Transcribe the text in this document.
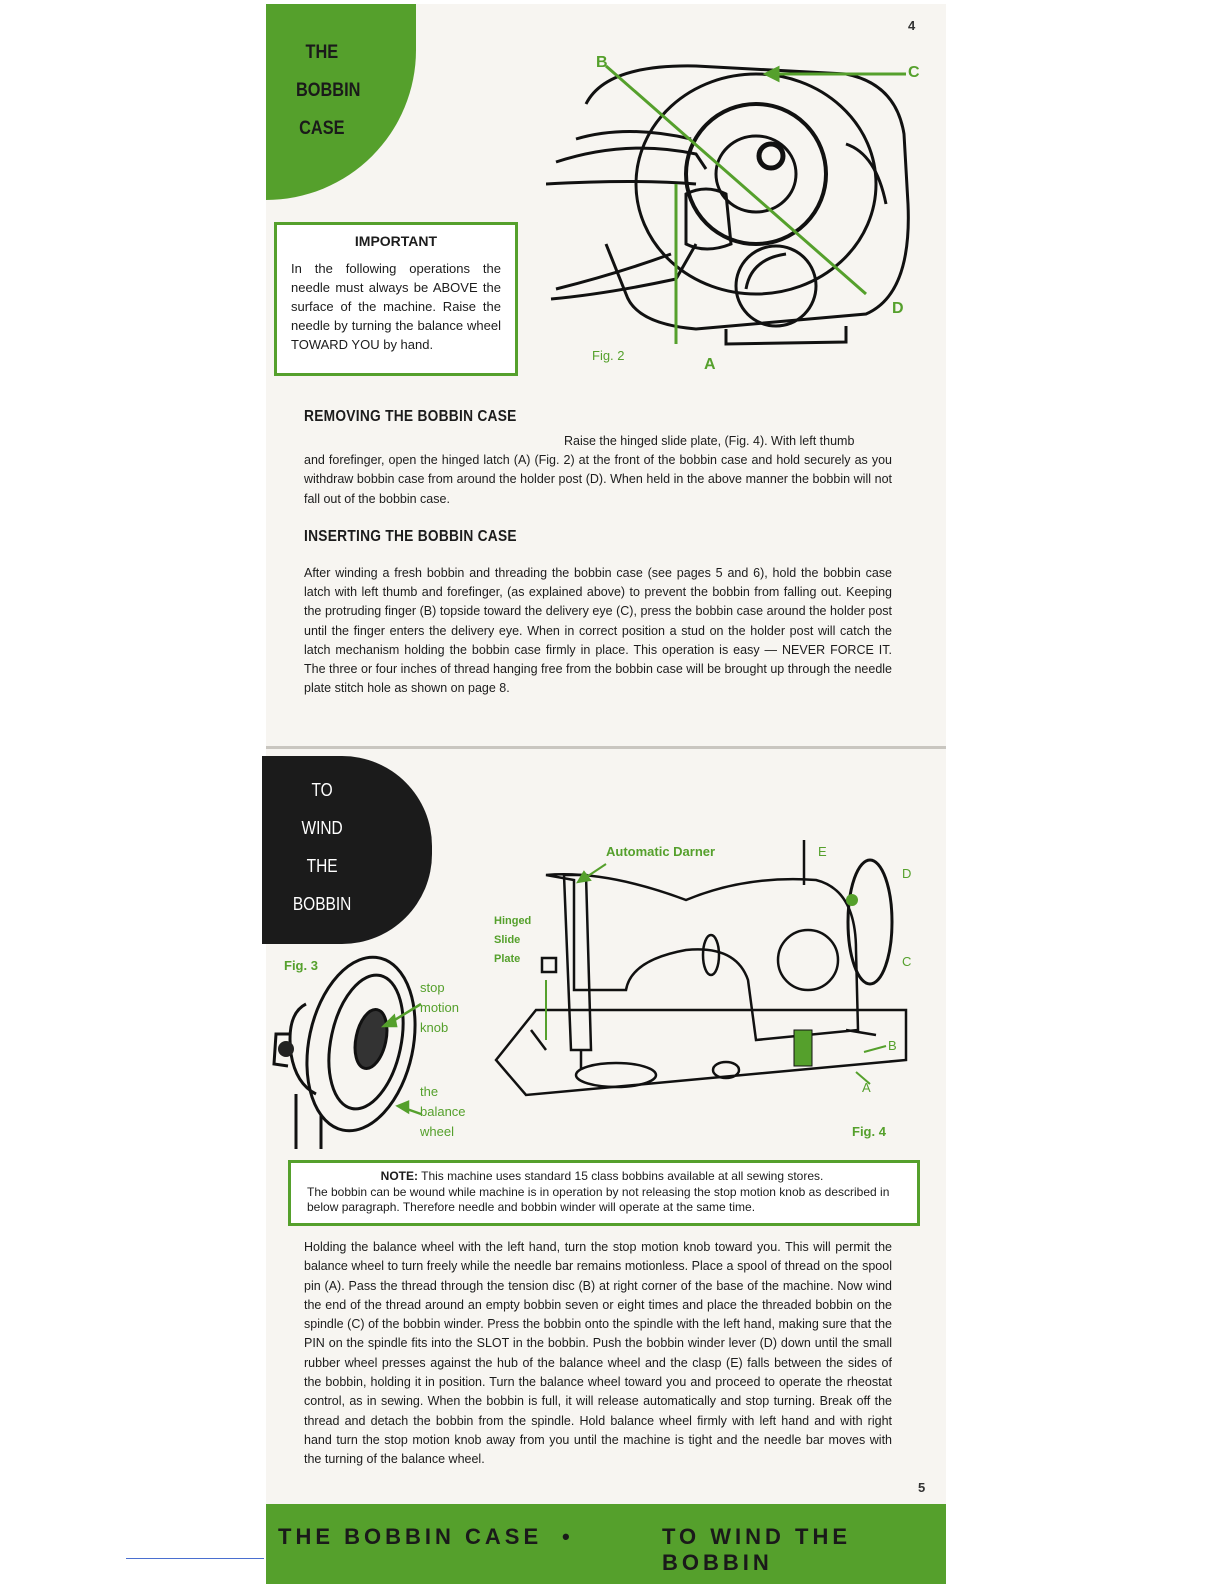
4
THE
BOBBIN
CASE
IMPORTANT
In the following operations the needle must always be ABOVE the surface of the machine. Raise the needle by turning the balance wheel TOWARD YOU by hand.
B
C
D
A
Fig. 2
REMOVING THE BOBBIN CASE
Raise the hinged slide plate, (Fig. 4). With left thumb
and forefinger, open the hinged latch (A) (Fig. 2) at the front of the bobbin case and hold securely as you withdraw bobbin case from around the holder post (D). When held in the above manner the bobbin will not fall out of the bobbin case.
INSERTING THE BOBBIN CASE
After winding a fresh bobbin and threading the bobbin case (see pages 5 and 6), hold the bobbin case latch with left thumb and forefinger, (as explained above) to prevent the bobbin from falling out. Keeping the protruding finger (B) topside toward the delivery eye (C), press the bobbin case around the holder post until the finger enters the delivery eye. When in correct position a stud on the holder post will catch the latch mechanism holding the bobbin case firmly in place. This operation is easy — NEVER FORCE IT. The three or four inches of thread hanging free from the bobbin case will be brought up through the needle plate stitch hole as shown on page 8.
TO
WIND
THE
BOBBIN
Fig. 3
stop
motion
knob
the
balance
wheel
Automatic Darner
Hinged
Slide
Plate
E
D
C
B
A
Fig. 4
NOTE: This machine uses standard 15 class bobbins available at all sewing stores.
The bobbin can be wound while machine is in operation by not releasing the stop motion knob as described in below paragraph. Therefore needle and bobbin winder will operate at the same time.
Holding the balance wheel with the left hand, turn the stop motion knob toward you. This will permit the balance wheel to turn freely while the needle bar remains motionless. Place a spool of thread on the spool pin (A). Pass the thread through the tension disc (B) at right corner of the base of the machine. Now wind the end of the thread around an empty bobbin seven or eight times and place the threaded bobbin on the spindle (C) of the bobbin winder. Press the bobbin onto the spindle with the left hand, making sure that the PIN on the spindle fits into the SLOT in the bobbin. Push the bobbin winder lever (D) down until the small rubber wheel presses against the hub of the balance wheel and the clasp (E) falls between the sides of the bobbin, holding it in position. Turn the balance wheel toward you and proceed to operate the rheostat control, as in sewing. When the bobbin is full, it will release automatically and stop turning. Break off the thread and detach the bobbin from the spindle. Hold balance wheel firmly with left hand and with right hand turn the stop motion knob away from you until the machine is tight and the needle bar moves with the turning of the balance wheel.
5
THE BOBBIN CASE •	TO WIND THE BOBBIN
